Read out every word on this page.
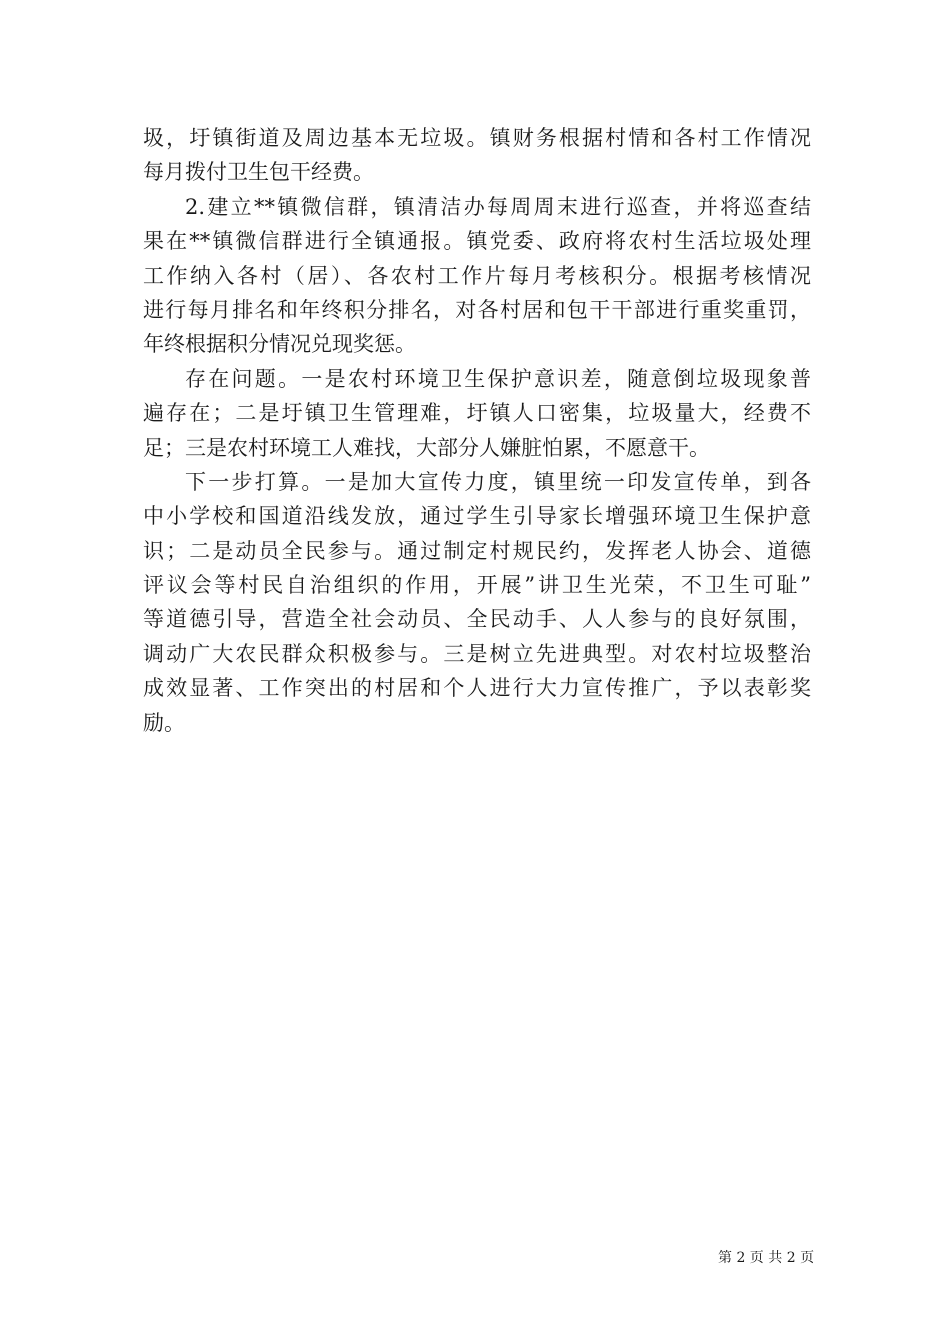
圾，圩镇街道及周边基本无垃圾。镇财务根据村情和各村工作情况
每月拨付卫生包干经费。
2.建立**镇微信群，镇清洁办每周周末进行巡查，并将巡查结
果在**镇微信群进行全镇通报。镇党委、政府将农村生活垃圾处理
工作纳入各村（居）、各农村工作片每月考核积分。根据考核情况
进行每月排名和年终积分排名，对各村居和包干干部进行重奖重罚，
年终根据积分情况兑现奖惩。
存在问题。一是农村环境卫生保护意识差，随意倒垃圾现象普
遍存在；二是圩镇卫生管理难，圩镇人口密集，垃圾量大，经费不
足；三是农村环境工人难找，大部分人嫌脏怕累，不愿意干。
下一步打算。一是加大宣传力度，镇里统一印发宣传单，到各
中小学校和国道沿线发放，通过学生引导家长增强环境卫生保护意
识；二是动员全民参与。通过制定村规民约，发挥老人协会、道德
评议会等村民自治组织的作用，开展”讲卫生光荣，不卫生可耻”
等道德引导，营造全社会动员、全民动手、人人参与的良好氛围，
调动广大农民群众积极参与。三是树立先进典型。对农村垃圾整治
成效显著、工作突出的村居和个人进行大力宣传推广，予以表彰奖
励。
第 2 页 共 2 页
